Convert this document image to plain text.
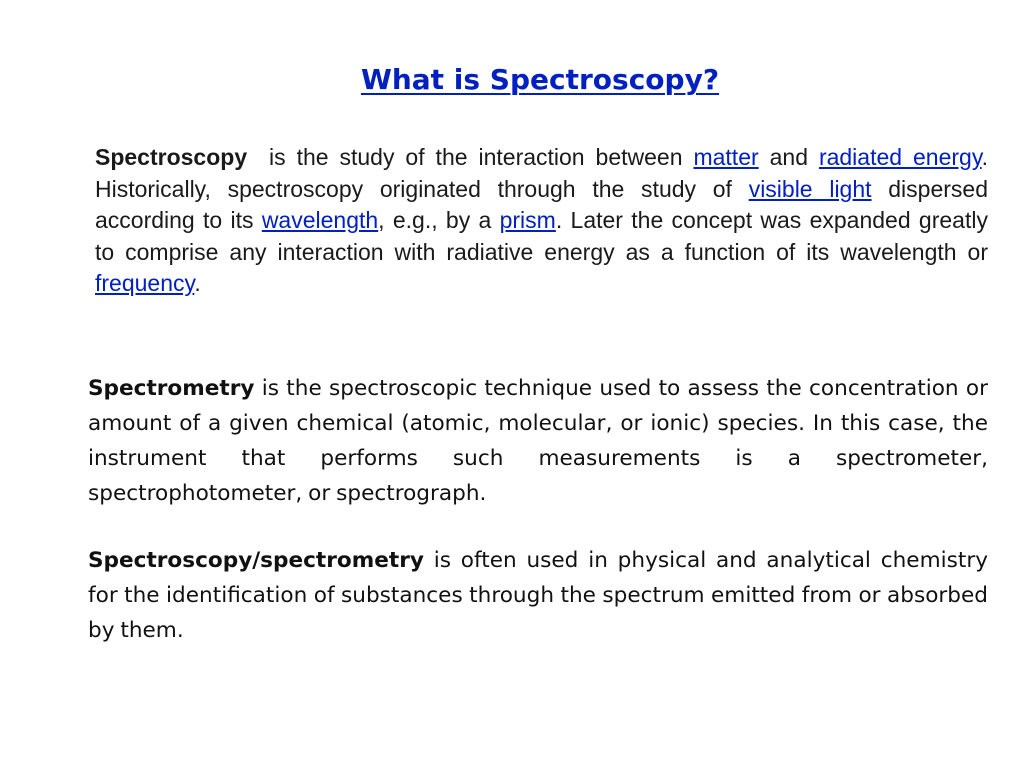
What is Spectroscopy?
Spectroscopy  is the study of the interaction between matter and radiated energy. Historically, spectroscopy originated through the study of visible light dispersed according to its wavelength, e.g., by a prism. Later the concept was expanded greatly to comprise any interaction with radiative energy as a function of its wavelength or frequency.
Spectrometry is the spectroscopic technique used to assess the concentration or amount of a given chemical (atomic, molecular, or ionic) species. In this case, the instrument that performs such measurements is a spectrometer, spectrophotometer, or spectrograph.
Spectroscopy/spectrometry is often used in physical and analytical chemistry for the identification of substances through the spectrum emitted from or absorbed by them.
